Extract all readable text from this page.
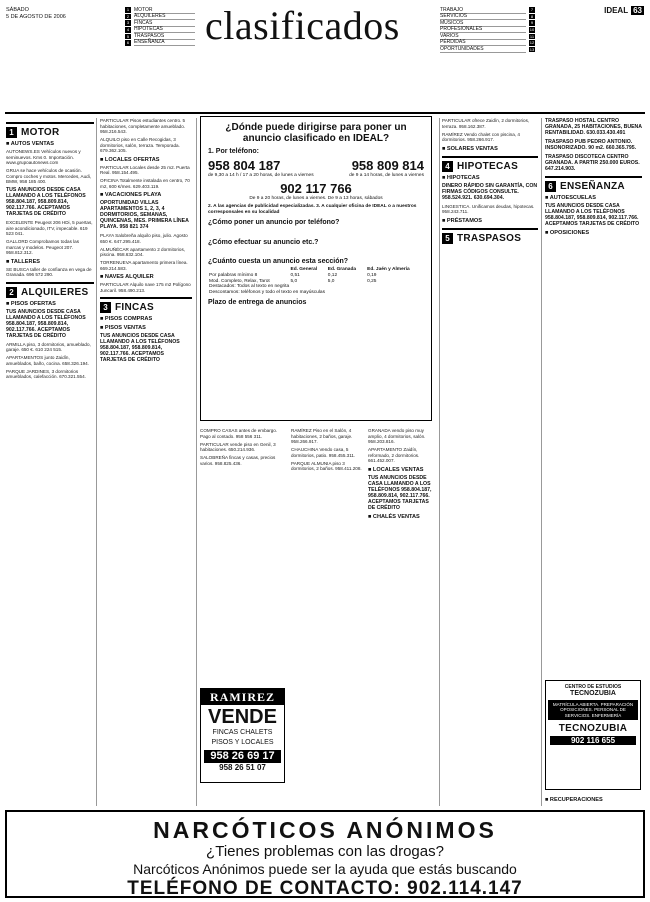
SÁBADO
5 DE AGOSTO DE 2006
1 MOTOR
2 ALQUILERES
3 FINCAS
4 HIPOTECAS
5 TRASPASOS
6 ENSEÑANZA	clasificados	TRABAJO	7
SERVICIOS	8
MÚSICOS	9
PROFESIONALES	10
VARIOS	11
PÉRDIDAS	12
OPORTUNIDADES	13
IDEAL 63
1 MOTOR
■ AUTOS VENTAS
AUTONEWS.ES Vehículos nuevos y seminuevos. Kms 0. Importación. www.grupoautonews.com
GRUA se hace vehículos de ocasión. Compro coches y motos. Mercedes, Audi, BMW, 958 185 400.
TUS ANUNCIOS DESDE CASA LLAMANDO A LOS TELÉFONOS 958.804.187, 958.809.814, 902.117.766. ACEPTAMOS TARJETAS DE CRÉDITO
EXCELENTE Peugeot 206 HDi, 5 puertas, aire acondicionado, ITV, impecable. 619 523 041.
GALLORD Comprobamos todas las marcas y modelos. Peugeot 207. 958.812.312.
■ TALLERES
SE BUSCA taller de confianza en vega de Granada. 696 572 290.
2 ALQUILERES
■ PISOS OFERTAS
TUS ANUNCIOS DESDE CASA LLAMANDO A LOS TELÉFONOS 958.804.187, 958.809.814, 902.117.766. ACEPTAMOS TARJETAS DE CRÉDITO
ARMILLA piso, 3 dormitorios, amueblado, garaje. 650 €. 610 224 515.
APARTAMENTOS junto Zaidín, amueblados, baño, cocina. 658.326.194.
PARQUE JARDINES, 3 dormitorios amueblados, calefacción. 670.321.554.
PARTICULAR Pisos estudiantes centro. 5 habitaciones, completamente amueblado. 958.216.543.
ALQUILO piso en Calle Recogidas, 3 dormitorios, salón, terraza. Temporada. 679.362.105.
■ LOCALES OFERTAS
PARTICULAR Locales desde 25 m2. Puerta Real. 958.154.495.
OFICINA Totalmente instalada en centro, 70 m2, 600 €/mes. 629.403.119.
■ VACACIONES PLAYA
OPORTUNIDAD VILLAS APARTAMENTOS 1, 2, 3, 4 DORMITORIOS, SEMANAS, QUINCENAS, MES. PRIMERA LÍNEA PLAYA. 958 821 374
PLAYA Salobreña alquilo piso, julio. Agosto 650 €. 647.295.418.
ALMUÑÉCAR apartamento 2 dormitorios, piscina. 958.632.104.
TORRENUEVA apartamento primera línea. 669.214.583.
■ NAVES ALQUILER
PARTICULAR Alquilo nave 175 m2 Polígono Juncaril. 958.490.213.
3 FINCAS
■ PISOS COMPRAS
■ PISOS VENTAS
TUS ANUNCIOS DESDE CASA LLAMANDO A LOS TELÉFONOS 958.804.187, 958.809.814, 902.117.766. ACEPTAMOS TARJETAS DE CRÉDITO
¿Dónde puede dirigirse para poner un anuncio clasificado en IDEAL?
1. Por teléfono:
958 804 187	958 809 814
de 9,30 a 14 h / 17 a 20 horas, de lunes a viernes	de 9 a 14 horas, de lunes a viernes
902 117 766
De 9 a 20 horas, de lunes a viernes. De 9 a 13 horas, sábados
2. A las agencias de publicidad especializadas. 3. A cualquier oficina de IDEAL o a nuestros corresponsales en su localidad
¿Cómo poner un anuncio por teléfono?

¿Cómo efectuar su anuncio etc.?

¿Cuánto cuesta un anuncio esta sección?
	Ed. General	Ed. Granada	Ed. Jaén y Almería
Por palabras mínimo 8	0,51	0,12	0,19
Mod. Completo, Relax, Tarot	5,0	5,0	0,25
Destacados: Todos al texto en negrita			
Descontamos: teléfonos y todo el texto en mayúsculas			
Plazo de entrega de anuncios
COMPRO CASAS antes de embargo. Pago al contado. 958 556 311.
PARTICULAR vende piso en Genil, 3 habitaciones. 650.214.936.
SALOBREÑA fincas y casas, precios varios. 958.825.436.
RAMIREZ
VENDE
FINCAS CHALETS
PISOS Y LOCALES
958 26 69 17
958 26 51 07
RAMÍREZ Piso en el Salón, 4 habitaciones, 2 baños, garaje. 958.266.917.
CHAUCHINA Vendo casa, 5 dormitorios, patio. 958.455.311.
PARQUE ALMUNIA piso 3 dormitorios, 2 baños. 958.411.208.
GRANADA vendo piso muy amplio, 4 dormitorios, salón. 958.203.816.
APARTAMENTO Zaidín, reformado, 2 dormitorios. 661.452.007.
■ LOCALES VENTAS
TUS ANUNCIOS DESDE CASA LLAMANDO A LOS TELÉFONOS 958.804.187, 958.809.814, 902.117.766. ACEPTAMOS TARJETAS DE CRÉDITO
■ CHALÉS VENTAS
PARTICULAR ofrece Zaidín, 2 dormitorios, terraza. 958.162.387.
RAMÍREZ Vendo chalet con piscina, 4 dormitorios. 958.266.917.
■ SOLARES VENTAS
4 HIPOTECAS
■ HIPOTECAS
DINERO RÁPIDO SIN GARANTÍA, CON FIRMAS CÓDIGOS CONSULTE. 958.524.921. 630.694.304.
LINGESTICA. Unificamos deudas, hipotecas. 958.243.711.
■ PRÉSTAMOS
5 TRASPASOS
TRASPASO HOSTAL CENTRO GRANADA, 25 HABITACIONES, BUENA RENTABILIDAD. 630.033.430.491
TRASPASO PUB PEDRO ANTONIO. INSONORIZADO. 90 m2. 660.365.795.
TRASPASO DISCOTECA CENTRO GRANADA. A PARTIR 250.000 EUROS. 647.214.903.
6 ENSEÑANZA
■ AUTOESCUELAS
TUS ANUNCIOS DESDE CASA LLAMANDO A LOS TELÉFONOS 958.804.187, 958.809.814, 902.117.766. ACEPTAMOS TARJETAS DE CRÉDITO
■ OPOSICIONES
CENTRO DE ESTUDIOS
TECNOZUBIA
MATRÍCULA ABIERTA. PREPARACIÓN OPOSICIONES. PERSONAL DE SERVICIOS. ENFERMERÍA
TECNOZUBIA
902 116 655
■ RECUPERACIONES
NARCÓTICOS ANÓNIMOS
¿Tienes problemas con las drogas?
Narcóticos Anónimos puede ser la ayuda que estás buscando
TELÉFONO DE CONTACTO: 902.114.147
